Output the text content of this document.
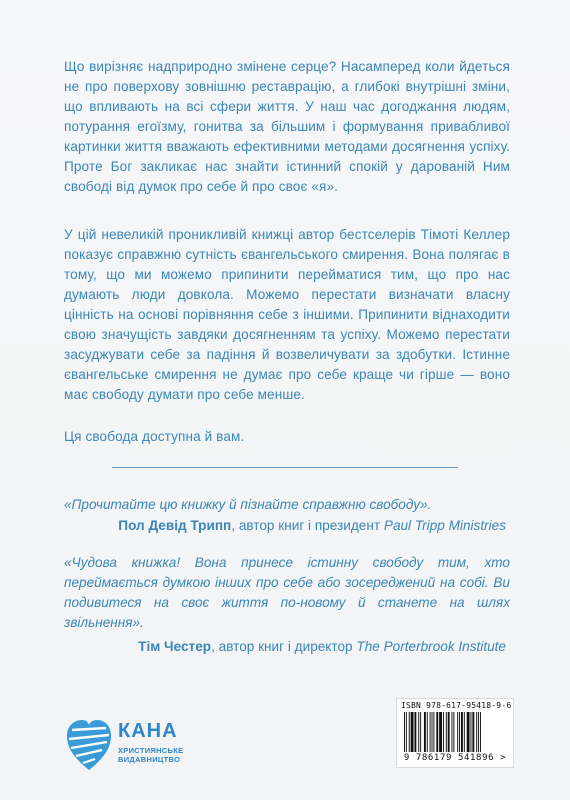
Що вирізняє надприродно змінене серце? Насамперед коли йдеться не про поверхову зовнішню реставрацію, а глибокі внутрішні зміни, що впливають на всі сфери життя. У наш час догоджання людям, потурання егоїзму, гонитва за більшим і формування привабливої картинки життя вважають ефективними методами досягнення успіху. Проте Бог закликає нас знайти істинний спокій у дарованій Ним свободі від думок про себе й про своє «я».

У цій невеликій проникливій книжці автор бестселерів Тімоті Келлер показує справжню сутність євангельського смирення. Вона полягає в тому, що ми можемо припинити перейматися тим, що про нас думають люди довкола. Можемо перестати визначати власну цінність на основі порівняння себе з іншими. Припинити віднаходити свою значущість завдяки досягненням та успіху. Можемо перестати засуджувати себе за падіння й возвеличувати за здобутки. Істинне євангельське смирення не думає про себе краще чи гірше — воно має свободу думати про себе менше.

Ця свобода доступна й вам.

«Прочитайте цю книжку й пізнайте справжню свободу».
Пол Девід Трипп, автор книг і президент Paul Tripp Ministries
«Чудова книжка! Вона принесе істинну свободу тим, хто переймається думкою інших про себе або зосереджений на собі. Ви подивитеся на своє життя по-новому й станете на шлях звільнення».
Тім Честер, автор книг і директор The Porterbrook Institute
КАНА
ХРИСТИЯНСЬКЕ
ВИДАВНИЦТВО
ISBN 978-617-95418-9-6
9 786179 541896 >
